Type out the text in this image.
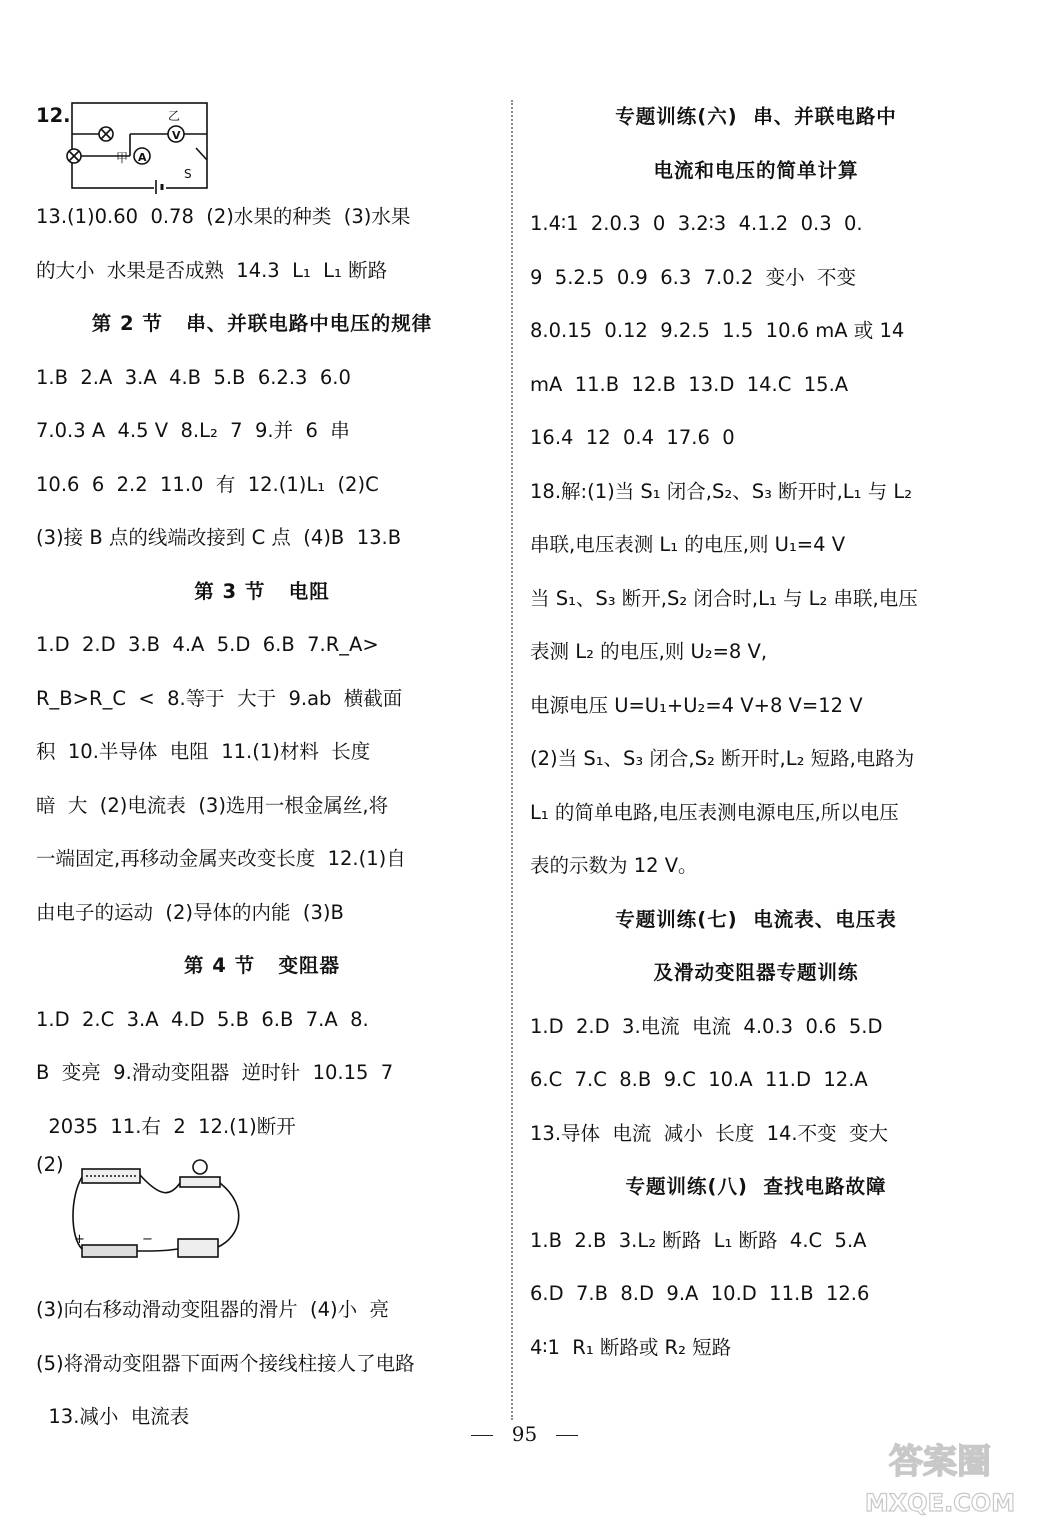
12.
A
V
乙
甲
S
13.(1)0.60  0.78  (2)水果的种类  (3)水果
的大小  水果是否成熟  14.3  L₁  L₁ 断路
第 2 节   串、并联电路中电压的规律
1.B  2.A  3.A  4.B  5.B  6.2.3  6.0
7.0.3 A  4.5 V  8.L₂  7  9.并  6  串
10.6  6  2.2  11.0  有  12.(1)L₁  (2)C
(3)接 B 点的线端改接到 C 点  (4)B  13.B
第 3 节   电阻
1.D  2.D  3.B  4.A  5.D  6.B  7.R_A>
R_B>R_C  <  8.等于  大于  9.ab  横截面
积  10.半导体  电阻  11.(1)材料  长度
暗  大  (2)电流表  (3)选用一根金属丝,将
一端固定,再移动金属夹改变长度  12.(1)自
由电子的运动  (2)导体的内能  (3)B
第 4 节   变阻器
1.D  2.C  3.A  4.D  5.B  6.B  7.A  8.
B  变亮  9.滑动变阻器  逆时针  10.15  7
2035  11.右  2  12.(1)断开
(2)
+	−
(3)向右移动滑动变阻器的滑片  (4)小  亮
(5)将滑动变阻器下面两个接线柱接人了电路
13.减小  电流表
专题训练(六)  串、并联电路中
电流和电压的简单计算
1.4∶1  2.0.3  0  3.2∶3  4.1.2  0.3  0.
9  5.2.5  0.9  6.3  7.0.2  变小  不变
8.0.15  0.12  9.2.5  1.5  10.6 mA 或 14
mA  11.B  12.B  13.D  14.C  15.A
16.4  12  0.4  17.6  0
18.解:(1)当 S₁ 闭合,S₂、S₃ 断开时,L₁ 与 L₂
串联,电压表测 L₁ 的电压,则 U₁=4 V
当 S₁、S₃ 断开,S₂ 闭合时,L₁ 与 L₂ 串联,电压
表测 L₂ 的电压,则 U₂=8 V,
电源电压 U=U₁+U₂=4 V+8 V=12 V
(2)当 S₁、S₃ 闭合,S₂ 断开时,L₂ 短路,电路为
L₁ 的简单电路,电压表测电源电压,所以电压
表的示数为 12 V。
专题训练(七)  电流表、电压表
及滑动变阻器专题训练
1.D  2.D  3.电流  电流  4.0.3  0.6  5.D
6.C  7.C  8.B  9.C  10.A  11.D  12.A
13.导体  电流  减小  长度  14.不变  变大
专题训练(八)  查找电路故障
1.B  2.B  3.L₂ 断路  L₁ 断路  4.C  5.A
6.D  7.B  8.D  9.A  10.D  11.B  12.6
4∶1  R₁ 断路或 R₂ 短路
95
答案圈
MXQE.COM
